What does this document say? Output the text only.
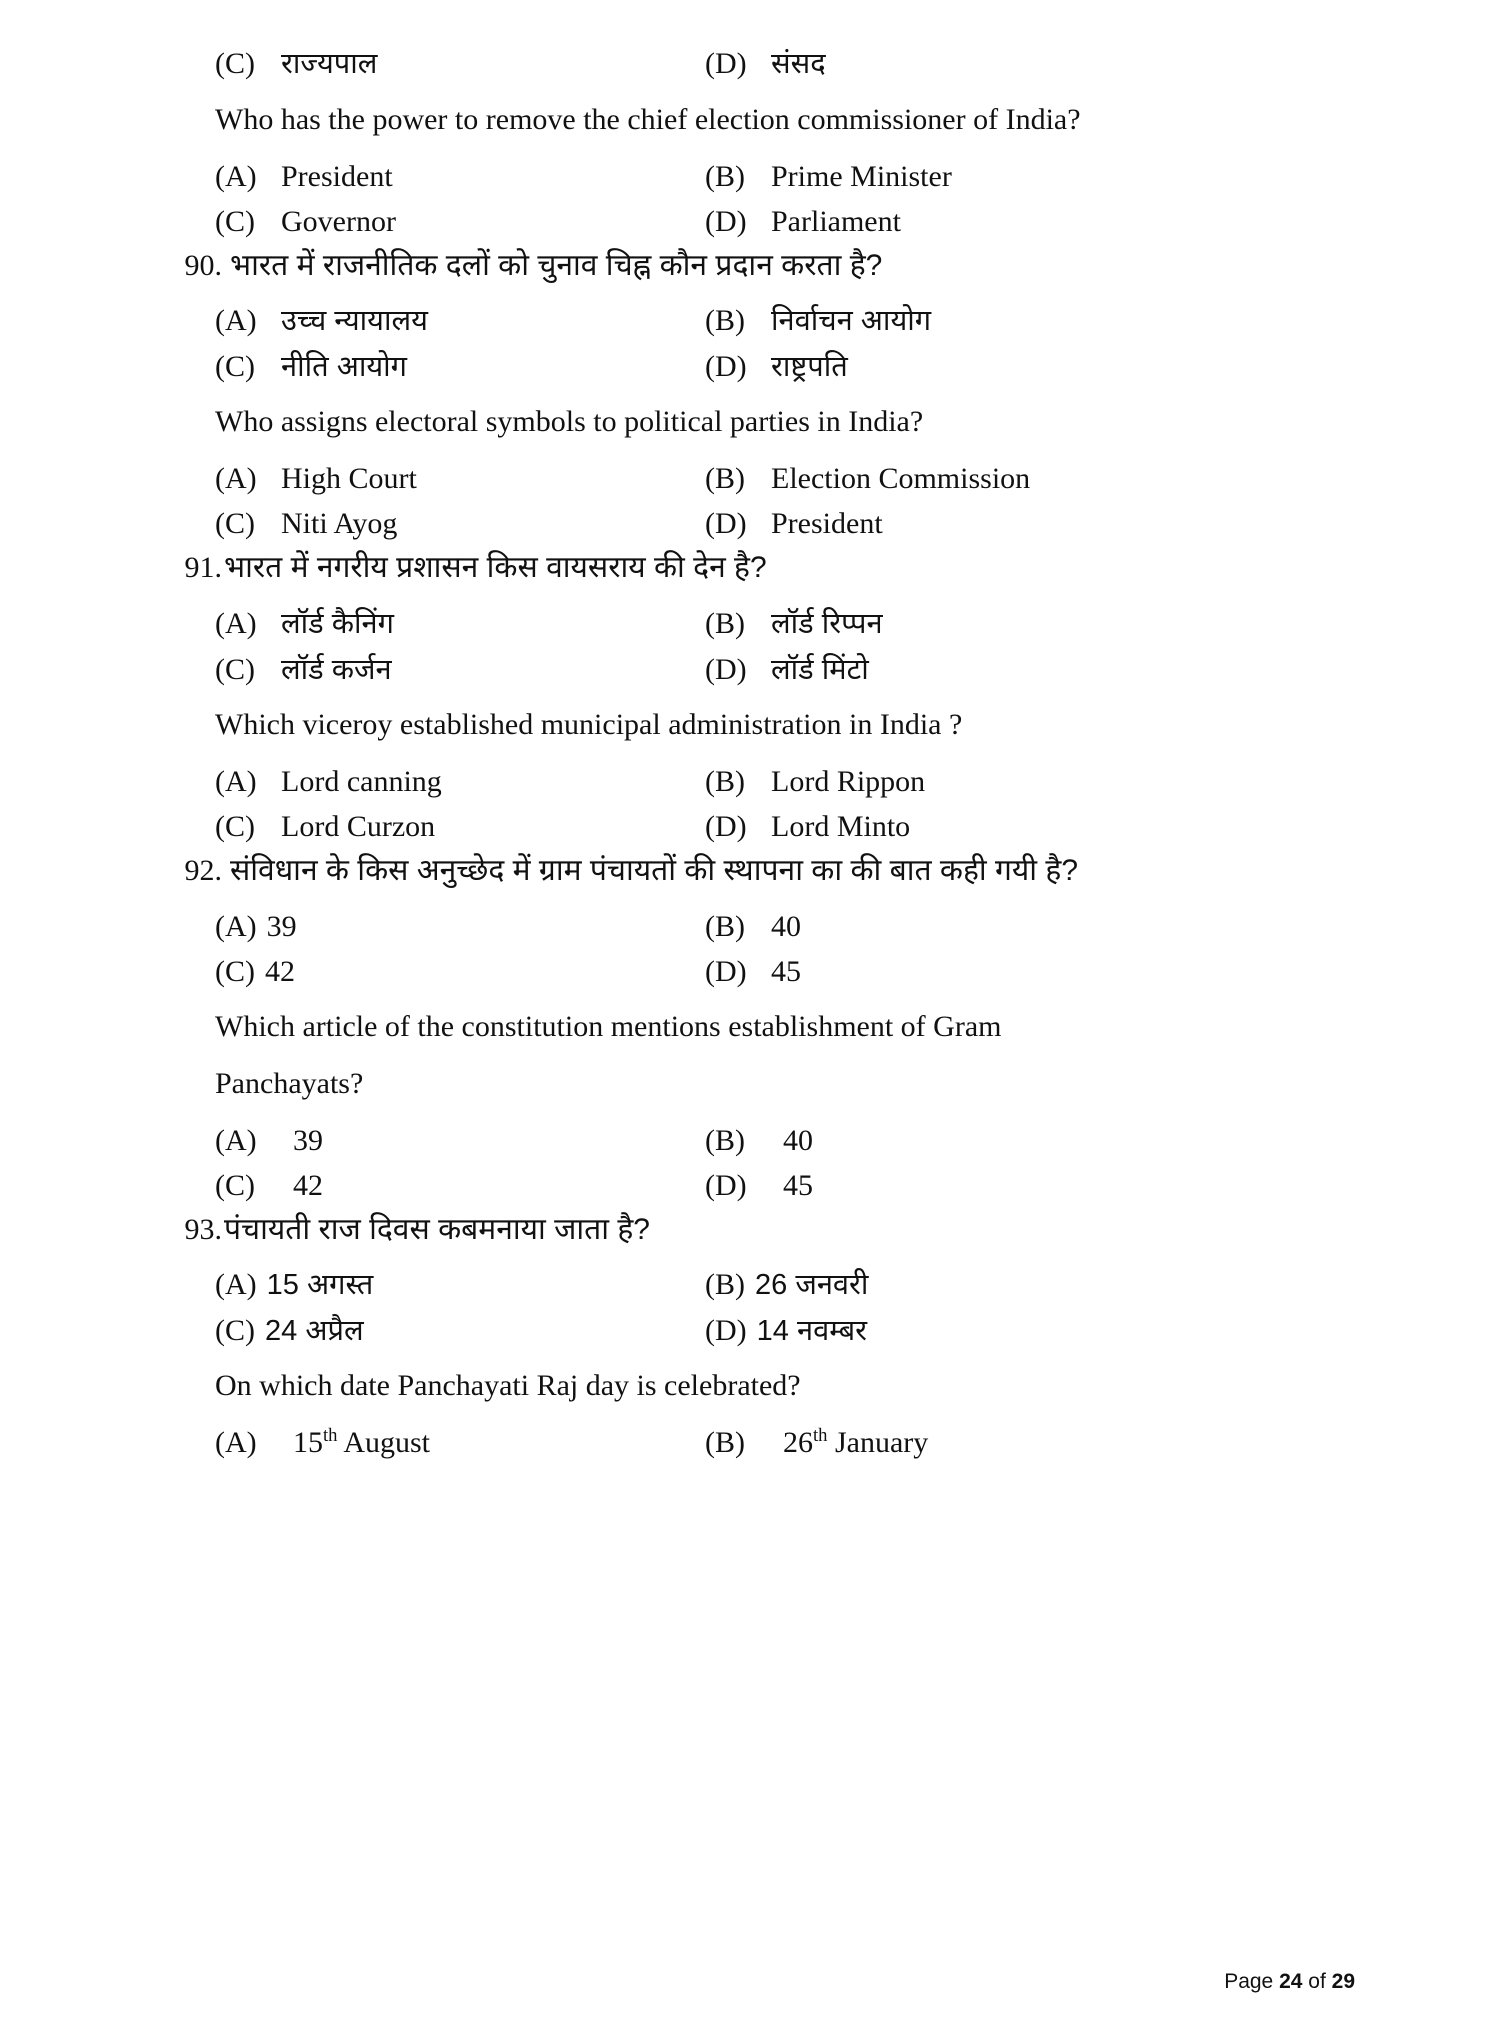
(C) राज्यपाल	(D) संसद
Who has the power to remove the chief election commissioner of India?
(A) President	(B) Prime Minister
(C) Governor	(D) Parliament
90. भारत में राजनीतिक दलों को चुनाव चिह्न कौन प्रदान करता है?
(A) उच्च न्यायालय	(B) निर्वाचन आयोग
(C) नीति आयोग	(D) राष्ट्रपति
Who assigns electoral symbols to political parties in India?
(A) High Court	(B) Election Commission
(C) Niti Ayog	(D) President
91. भारत में नगरीय प्रशासन किस वायसराय की देन है?
(A) लॉर्ड कैनिंग	(B) लॉर्ड रिप्पन
(C) लॉर्ड कर्जन	(D) लॉर्ड मिंटो
Which viceroy established municipal administration in India ?
(A) Lord canning	(B) Lord Rippon
(C) Lord Curzon	(D) Lord Minto
92. संविधान के किस अनुच्छेद में ग्राम पंचायतों की स्थापना का की बात कही गयी है?
(A) 39	(B) 40
(C) 42	(D) 45
Which article of the constitution mentions establishment of Gram
Panchayats?
(A)	39	(B)	40
(C)	42	(D)	45
93. पंचायती राज दिवस कबमनाया जाता है?
(A) 15 अगस्त	(B) 26 जनवरी
(C) 24 अप्रैल	(D) 14 नवम्बर
On which date Panchayati Raj day is celebrated?
(A)	15th August	(B)	26th January
Page 24 of 29
